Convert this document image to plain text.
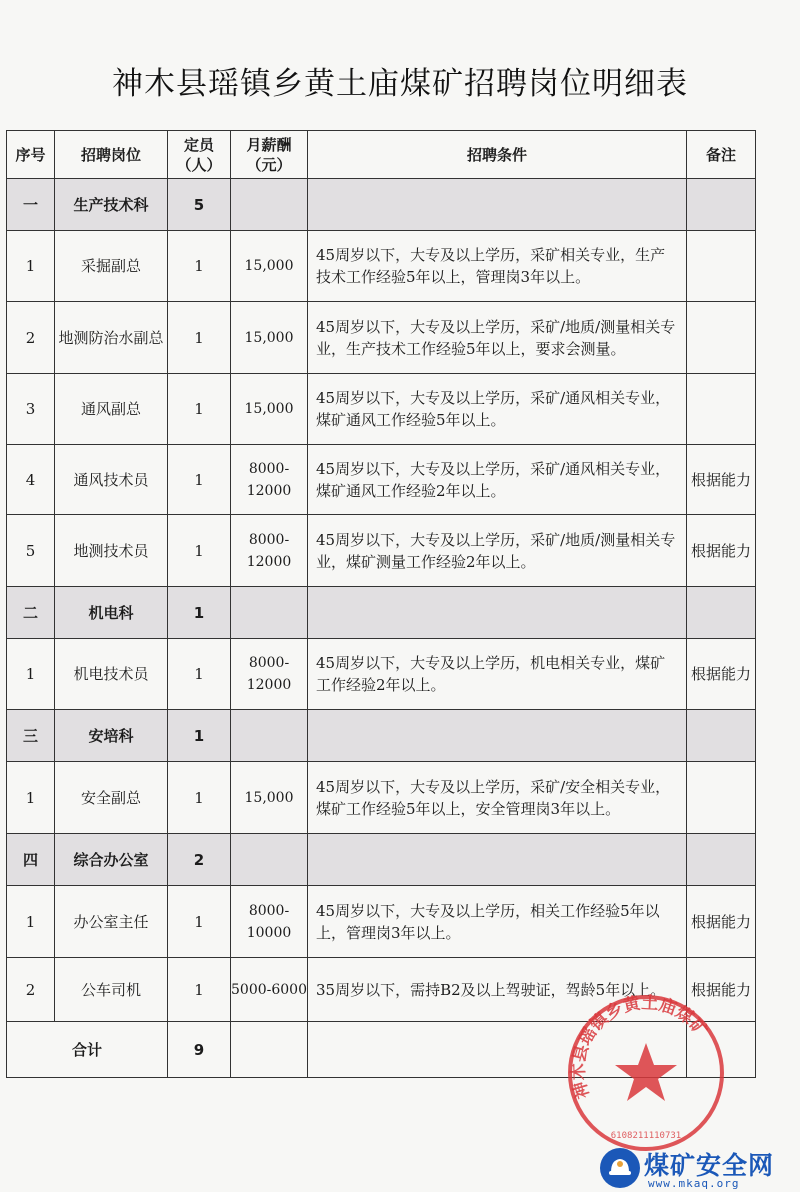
神木县瑶镇乡黄土庙煤矿招聘岗位明细表
序号	招聘岗位	定员（人）	月薪酬（元）	招聘条件	备注
一	生产技术科	5			
1	采掘副总	1	15,000	45周岁以下，大专及以上学历，采矿相关专业，生产技术工作经验5年以上，管理岗3年以上。	
2	地测防治水副总	1	15,000	45周岁以下，大专及以上学历，采矿/地质/测量相关专业，生产技术工作经验5年以上，要求会测量。	
3	通风副总	1	15,000	45周岁以下，大专及以上学历，采矿/通风相关专业，煤矿通风工作经验5年以上。	
4	通风技术员	1	8000-12000	45周岁以下，大专及以上学历，采矿/通风相关专业，煤矿通风工作经验2年以上。	根据能力
5	地测技术员	1	8000-12000	45周岁以下，大专及以上学历，采矿/地质/测量相关专业，煤矿测量工作经验2年以上。	根据能力
二	机电科	1			
1	机电技术员	1	8000-12000	45周岁以下，大专及以上学历，机电相关专业，煤矿工作经验2年以上。	根据能力
三	安培科	1			
1	安全副总	1	15,000	45周岁以下，大专及以上学历，采矿/安全相关专业，煤矿工作经验5年以上，安全管理岗3年以上。	
四	综合办公室	2			
1	办公室主任	1	8000-10000	45周岁以下，大专及以上学历，相关工作经验5年以上，管理岗3年以上。	根据能力
2	公车司机	1	5000-6000	35周岁以下，需持B2及以上驾驶证，驾龄5年以上。	根据能力
合计		9			
神木县瑶镇乡黄土庙煤矿
6108211110731
煤矿安全网
www.mkaq.org
